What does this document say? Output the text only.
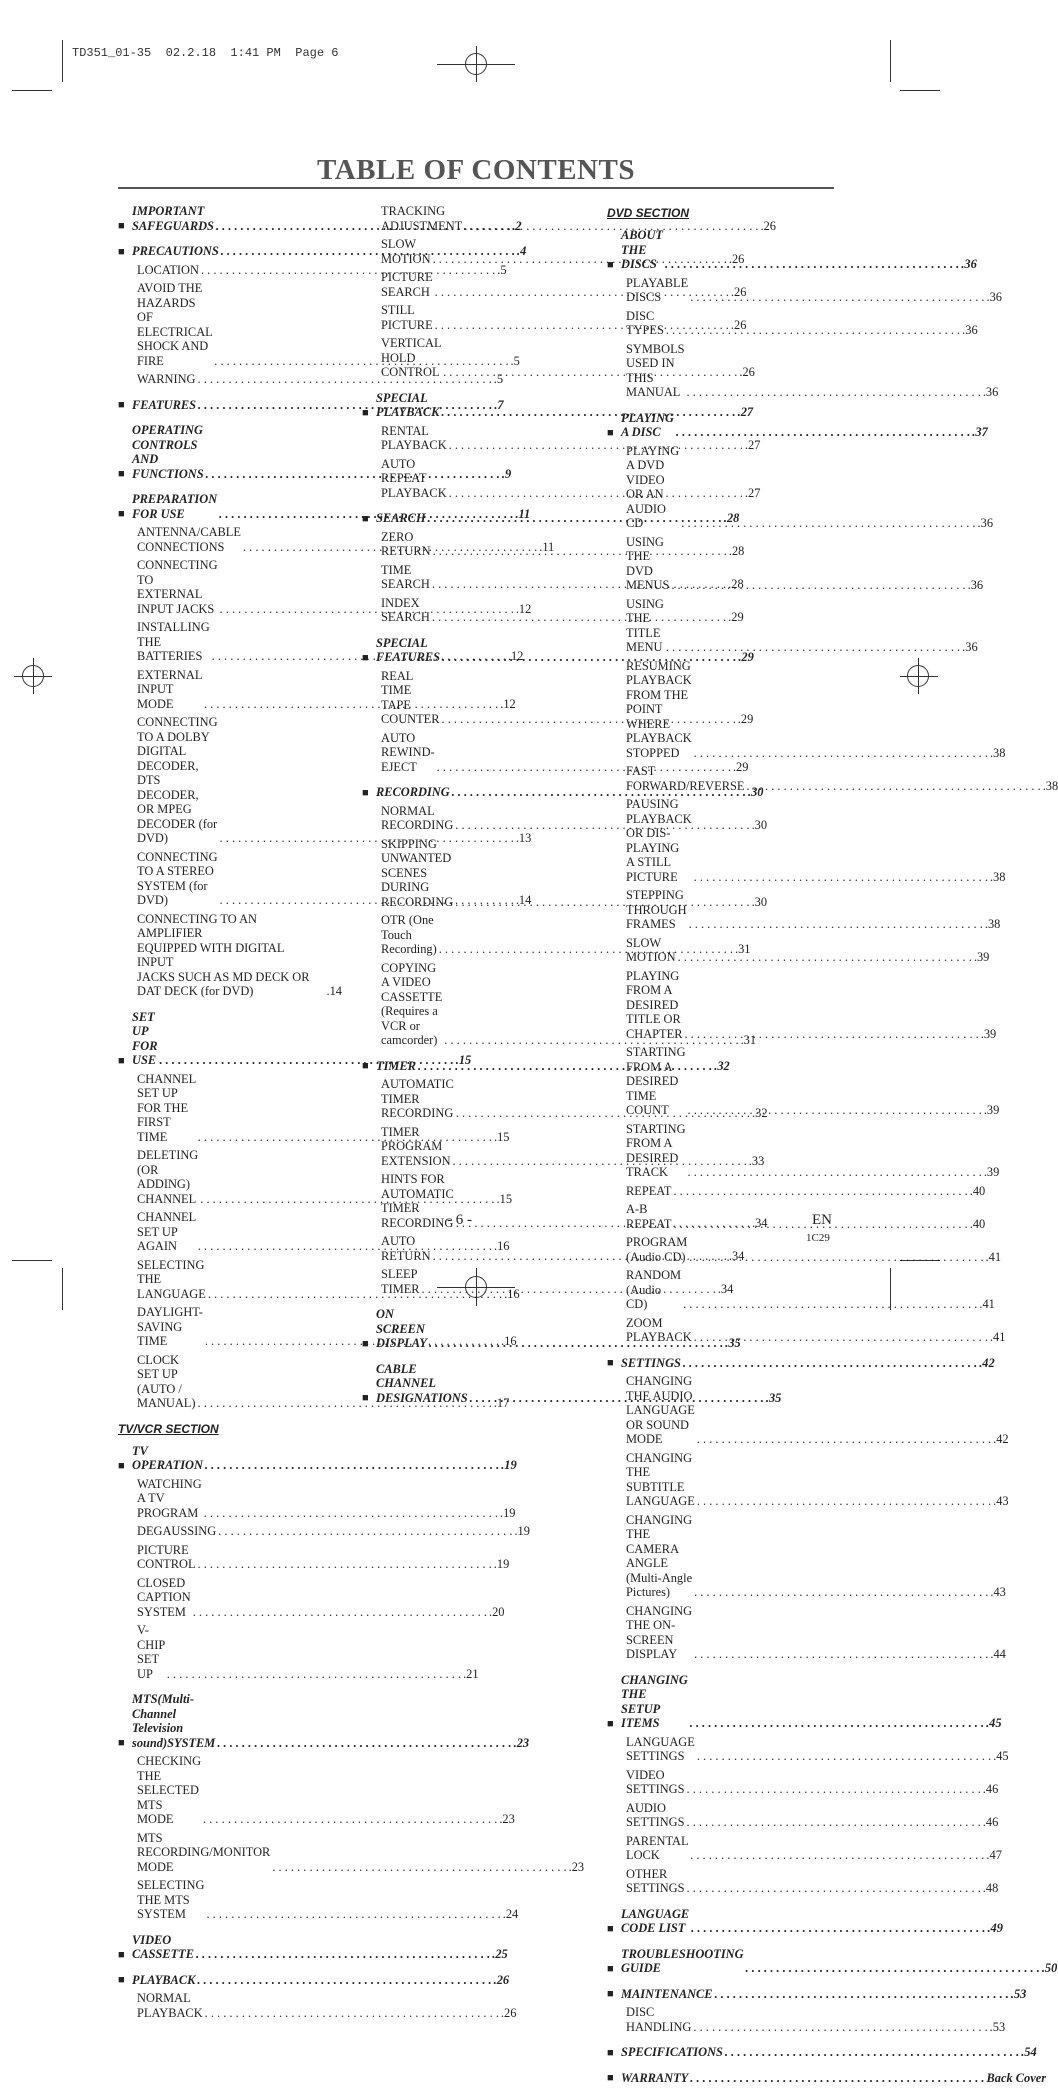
TD351_01-35  02.2.18  1:41 PM  Page 6
TABLE OF CONTENTS
■
IMPORTANT SAFEGUARDS . . .	.2
■ PRECAUTIONS . . .	.4
LOCATION . . .	.5
AVOID THE HAZARDS OF
ELECTRICAL SHOCK AND FIRE . . .	.5
WARNING . . .	.5
■ FEATURES . . .	.7
■
OPERATING CONTROLS AND
FUNCTIONS . . .	.9
■
PREPARATION FOR USE . . .	.11
ANTENNA/CABLE
CONNECTIONS . . .	.11
CONNECTING TO EXTERNAL
INPUT JACKS . . .	.12
INSTALLING THE BATTERIES . . .	.12
EXTERNAL INPUT MODE . . .	.12
CONNECTING TO A DOLBY
DIGITAL DECODER,
DTS DECODER, OR MPEG
DECODER (for DVD) . . .	.13
CONNECTING TO A STEREO
SYSTEM (for DVD) . . .	.14
CONNECTING TO AN AMPLIFIER
EQUIPPED WITH DIGITAL INPUT
JACKS SUCH AS MD DECK OR
DAT DECK (for DVD)	.14
■
SET UP FOR USE . . .	.15
CHANNEL SET UP
FOR THE FIRST TIME . . .	.15
DELETING (OR ADDING)
CHANNEL . . .	.15
CHANNEL SET UP AGAIN . . .	.16
SELECTING THE LANGUAGE . . .	.16
DAYLIGHT-SAVING TIME . . .	.16
CLOCK SET UP
(AUTO / MANUAL) . . .	.17
TV/VCR SECTION
■
TV OPERATION . . .	.19
WATCHING A TV PROGRAM . . .	.19
DEGAUSSING . . .	.19
PICTURE CONTROL . . .	.19
CLOSED CAPTION SYSTEM . . .	.20
V-CHIP SET UP . . .	.21
■
MTS(Multi-Channel Television
sound)SYSTEM . . .	.23
CHECKING THE SELECTED
MTS MODE . . .	.23
MTS RECORDING/MONITOR
MODE . . .	.23
SELECTING THE MTS SYSTEM . . .	.24
■
VIDEO CASSETTE . . .	.25
■ PLAYBACK . . .	.26
NORMAL PLAYBACK . . .	.26
TRACKING ADJUSTMENT . . .	.26
SLOW MOTION . . .	.26
PICTURE SEARCH . . .	.26
STILL PICTURE . . .	.26
VERTICAL HOLD CONTROL . . .	.26
■
SPECIAL PLAYBACK . . .	.27
RENTAL PLAYBACK . . .	.27
AUTO REPEAT PLAYBACK . . .	.27
■ SEARCH . . .	.28
ZERO RETURN . . .	.28
TIME SEARCH . . .	.28
INDEX SEARCH . . .	.29
■
SPECIAL FEATURES . . .	.29
REAL TIME TAPE COUNTER . . .	.29
AUTO REWIND-EJECT . . .	.29
■ RECORDING . . .	.30
NORMAL RECORDING . . .	.30
SKIPPING UNWANTED SCENES
DURING
RECORDING . . .	.30
OTR (One Touch Recording) . . .	.31
COPYING A VIDEO CASSETTE
(Requires a VCR or camcorder) . . .	.31
■ TIMER . . .	.32
AUTOMATIC
TIMER RECORDING . . .	.32
TIMER PROGRAM EXTENSION . . .	.33
HINTS FOR AUTOMATIC TIMER
RECORDING . . .	.34
AUTO RETURN . . .	.34
SLEEP TIMER . . .	.34
■
ON SCREEN DISPLAY . . .	.35
■
CABLE CHANNEL
DESIGNATIONS . . .	.35
DVD SECTION
■
ABOUT THE DISCS . . .	.36
PLAYABLE DISCS . . .	.36
DISC TYPES . . .	.36
SYMBOLS USED IN
THIS MANUAL . . .	.36
■
PLAYING A DISC . . .	.37
PLAYING A DVD VIDEO OR AN
AUDIO CD . . .	.36
USING THE DVD MENUS . . .	.36
USING THE TITLE MENU . . .	.36
RESUMING PLAYBACK
FROM THE POINT WHERE
PLAYBACK STOPPED . . .	.38
FAST FORWARD/REVERSE . . .	.38
PAUSING PLAYBACK OR DIS-
PLAYING
A STILL PICTURE . . .	.38
STEPPING THROUGH FRAMES . . .	.38
SLOW MOTION . . .	.39
PLAYING FROM A DESIRED
TITLE OR CHAPTER . . .	.39
STARTING FROM A DESIRED
TIME COUNT . . .	.39
STARTING FROM A DESIRED
TRACK . . .	.39
REPEAT . . .	.40
A-B REPEAT . . .	.40
PROGRAM (Audio CD) . . .	.41
RANDOM (Audio CD) . . .	.41
ZOOM PLAYBACK . . .	.41
■ SETTINGS . . .	.42
CHANGING THE AUDIO
LANGUAGE OR SOUND MODE . . .	.42
CHANGING THE SUBTITLE
LANGUAGE . . .	.43
CHANGING THE CAMERA
ANGLE (Multi-Angle Pictures) . . .	.43
CHANGING THE ON-SCREEN
DISPLAY . . .	.44
■
CHANGING THE SETUP ITEMS . . .	.45
LANGUAGE SETTINGS . . .	.45
VIDEO SETTINGS . . .	.46
AUDIO SETTINGS . . .	.46
PARENTAL LOCK . . .	.47
OTHER SETTINGS . . .	.48
■
LANGUAGE CODE LIST . . .	.49
■
TROUBLESHOOTING GUIDE . . .	.50
■ MAINTENANCE . . .	.53
DISC HANDLING . . .	.53
■ SPECIFICATIONS . . .	.54
■ WARRANTY . . .	Back Cover
- 6 -	EN
1C29
